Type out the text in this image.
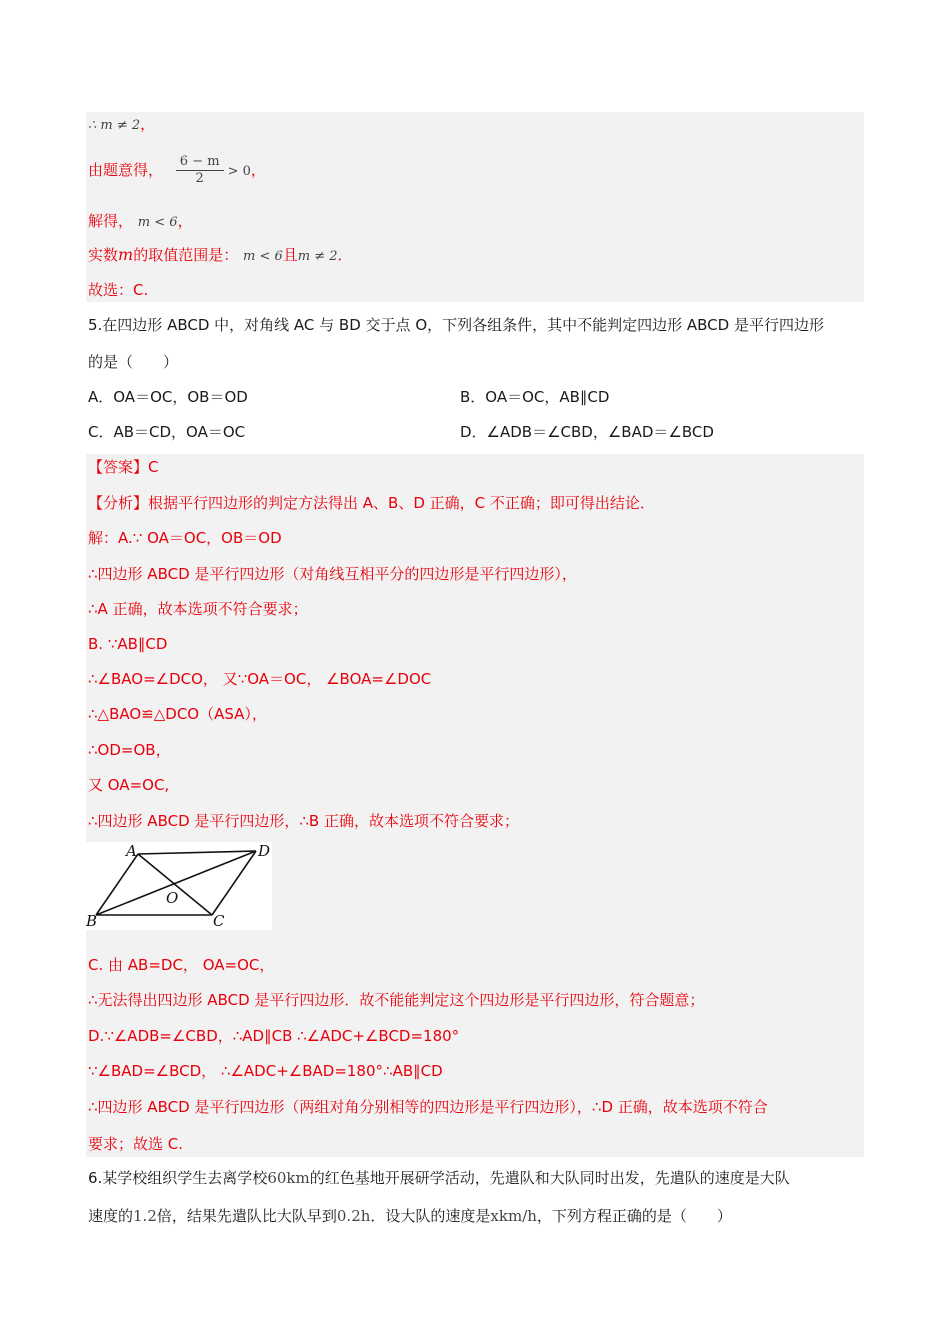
∴ m ≠ 2，
由题意得， $\frac{6 - m}{2} > 0$，
解得， m < 6，
实数m的取值范围是： m < 6且m ≠ 2．
故选：C.
5.在四边形 ABCD 中，对角线 AC 与 BD 交于点 O，下列各组条件，其中不能判定四边形 ABCD 是平行四边形
的是（　　）
A．OA＝OC，OB＝OD	B．OA＝OC，AB∥CD
C．AB＝CD，OA＝OC	D．∠ADB＝∠CBD，∠BAD＝∠BCD
【答案】C
【分析】根据平行四边形的判定方法得出 A、B、D 正确，C 不正确；即可得出结论．
解：A.∵ OA＝OC，OB＝OD
∴四边形 ABCD 是平行四边形（对角线互相平分的四边形是平行四边形），
∴A 正确，故本选项不符合要求；
B. ∵AB∥CD
∴∠BAO=∠DCO， 又∵OA＝OC， ∠BOA=∠DOC
∴△BAO≌△DCO（ASA），
∴OD=OB，
又 OA=OC,
∴四边形 ABCD 是平行四边形，∴B 正确，故本选项不符合要求；
A	D
B	C
O
C. 由 AB=DC， OA=OC，
∴无法得出四边形 ABCD 是平行四边形．故不能能判定这个四边形是平行四边形，符合题意；
D.∵∠ADB=∠CBD，∴AD∥CB ∴∠ADC+∠BCD=180°
∵∠BAD=∠BCD， ∴∠ADC+∠BAD=180°∴AB∥CD
∴四边形 ABCD 是平行四边形（两组对角分别相等的四边形是平行四边形），∴D 正确，故本选项不符合
要求；故选 C.
6.某学校组织学生去离学校60km的红色基地开展研学活动，先遣队和大队同时出发，先遣队的速度是大队
速度的1.2倍，结果先遣队比大队早到0.2h．设大队的速度是xkm/h，下列方程正确的是（　　）
